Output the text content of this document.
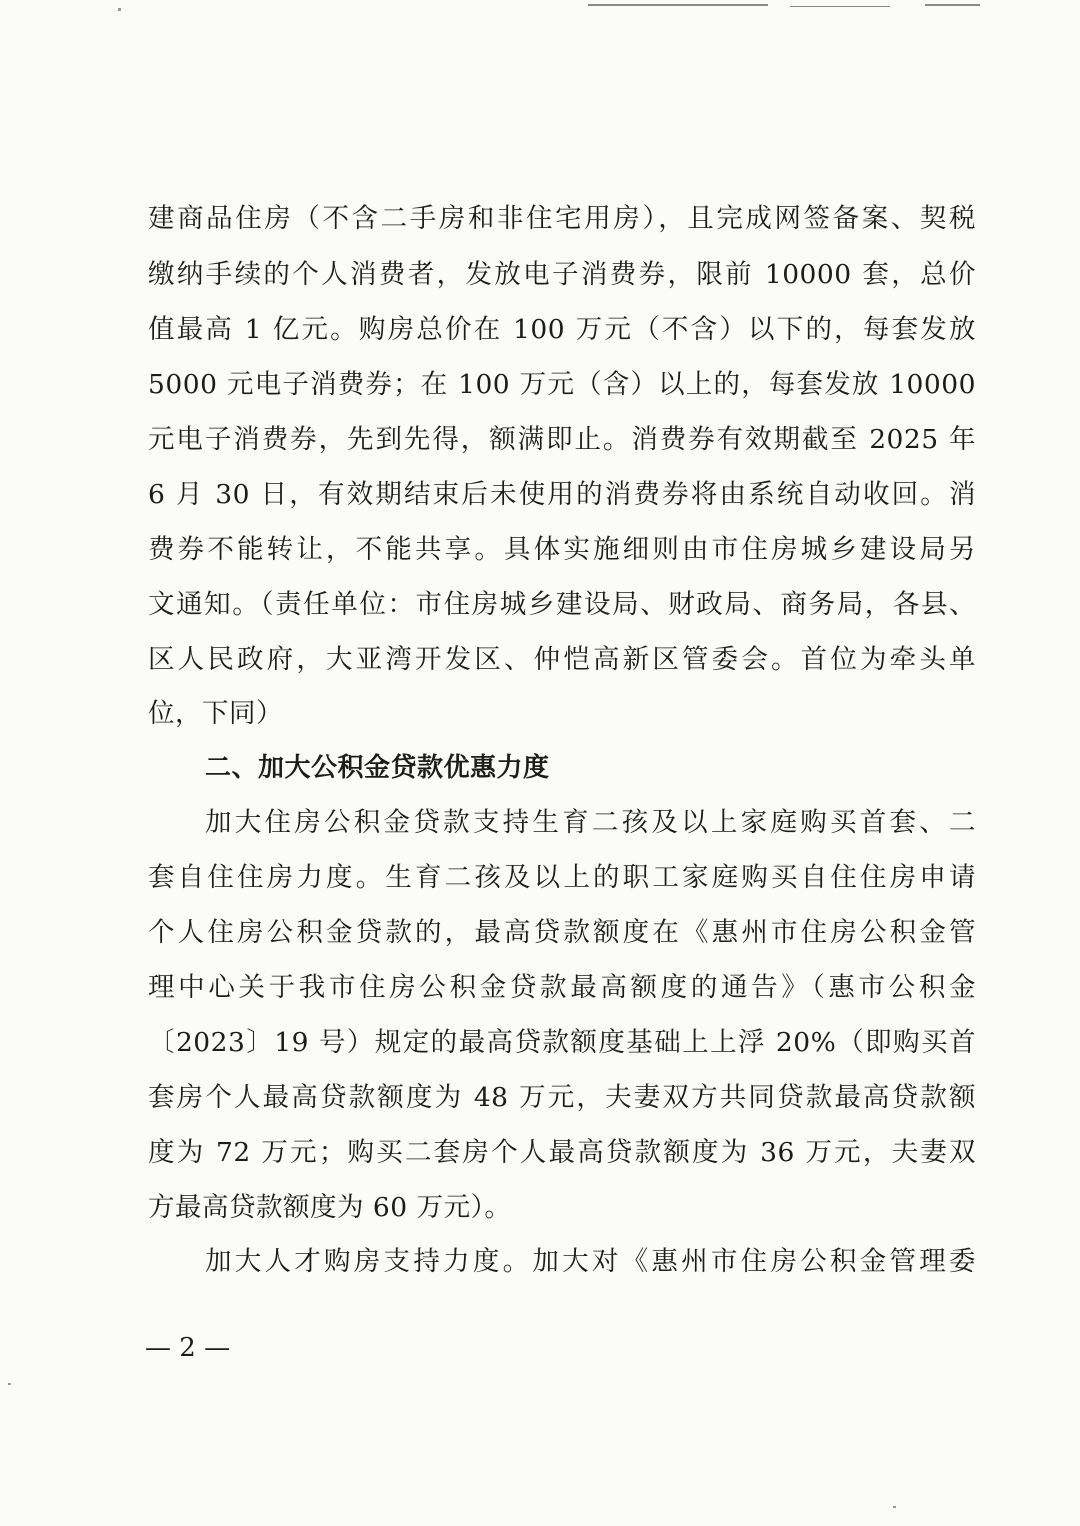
建商品住房（不含二手房和非住宅用房），且完成网签备案、契税
缴纳手续的个人消费者，发放电子消费券，限前 10000 套，总价
值最高 1 亿元。购房总价在 100 万元（不含）以下的，每套发放
5000 元电子消费券；在 100 万元（含）以上的，每套发放 10000
元电子消费券，先到先得，额满即止。消费券有效期截至 2025 年
6 月 30 日，有效期结束后未使用的消费券将由系统自动收回。消
费券不能转让，不能共享。具体实施细则由市住房城乡建设局另
文通知。（责任单位：市住房城乡建设局、财政局、商务局，各县、
区人民政府，大亚湾开发区、仲恺高新区管委会。首位为牵头单
位，下同）
二、加大公积金贷款优惠力度
加大住房公积金贷款支持生育二孩及以上家庭购买首套、二
套自住住房力度。生育二孩及以上的职工家庭购买自住住房申请
个人住房公积金贷款的，最高贷款额度在《惠州市住房公积金管
理中心关于我市住房公积金贷款最高额度的通告》（惠市公积金
〔2023〕19 号）规定的最高贷款额度基础上上浮 20%（即购买首
套房个人最高贷款额度为 48 万元，夫妻双方共同贷款最高贷款额
度为 72 万元；购买二套房个人最高贷款额度为 36 万元，夫妻双
方最高贷款额度为 60 万元）。
加大人才购房支持力度。加大对《惠州市住房公积金管理委
— 2 —
